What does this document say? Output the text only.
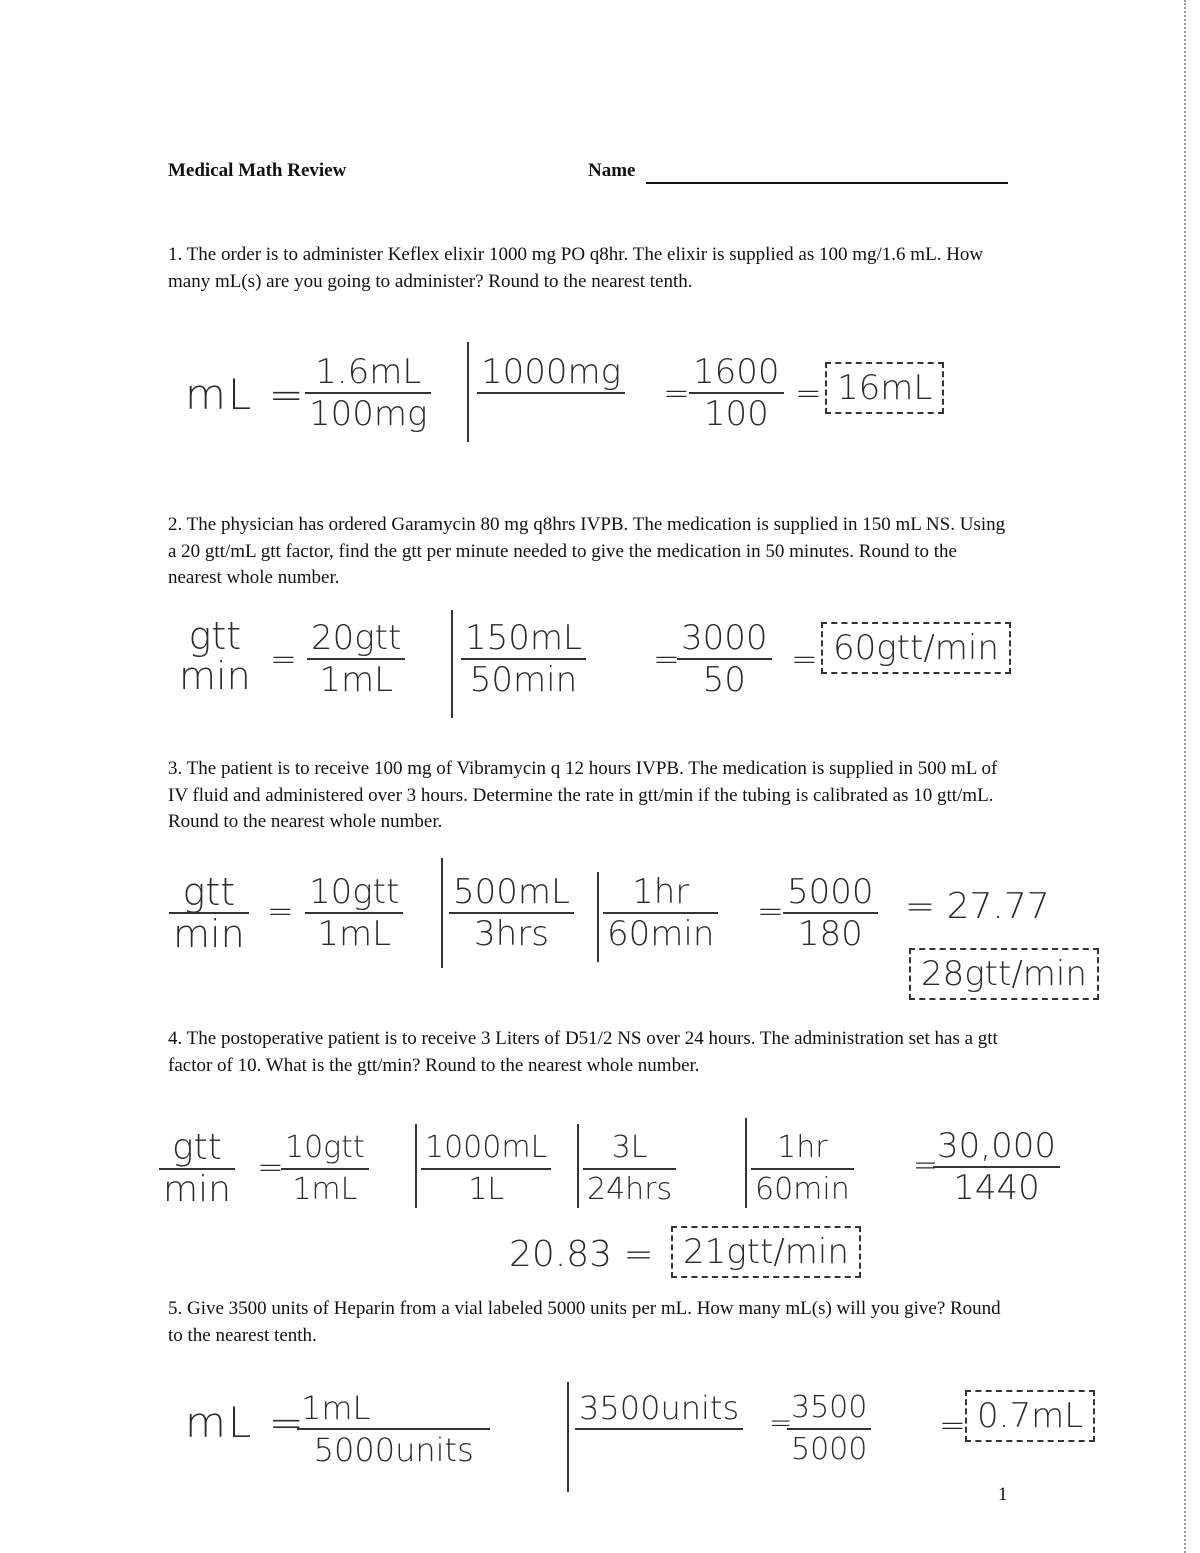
Medical Math Review	Name

1. The order is to administer Keflex elixir 1000 mg PO q8hr. The elixir is supplied as 100 mg/1.6 mL. How many mL(s) are you going to administer? Round to the nearest tenth.

mL = $\frac{1.6mL}{100mg} 1000mg$
= $\frac{1600}{100} = 16mL$

2. The physician has ordered Garamycin 80 mg q8hrs IVPB. The medication is supplied in 150 mL NS. Using a 20 gtt/mL gtt factor, find the gtt per minute needed to give the medication in 50 minutes. Round to the nearest whole number.

gtt
min =
20gtt
1mL
150mL
50min
=
$\frac{3000}{50} = 60gtt/\min$

3. The patient is to receive 100 mg of Vibramycin q 12 hours IVPB. The medication is supplied in 500 mL of IV fluid and administered over 3 hours. Determine the rate in gtt/min if the tubing is calibrated as 10 gtt/mL. Round to the nearest whole number.

gtt
min
= 10gtt
1mL
500mL
3hrs
1hr
60min
= $\frac{5000}{180} = 27.77$
28gtt/min

4. The postoperative patient is to receive 3 Liters of D51/2 NS over 24 hours. The administration set has a gtt factor of 10. What is the gtt/min? Round to the nearest whole number.

gtt
min
=
10gtt
1mL	$\frac{1000mL}{1L}$	3L
24hrs
1hr
60min
=
$\frac{30,000}{1440}$
20.83 = 21gtt/min

5. Give 3500 units of Heparin from a vial labeled 5000 units per mL. How many mL(s) will you give? Round to the nearest tenth.

mL =
1mL
5000units
3500units =
$\frac{3500}{5000} = 0.7mL$
1
